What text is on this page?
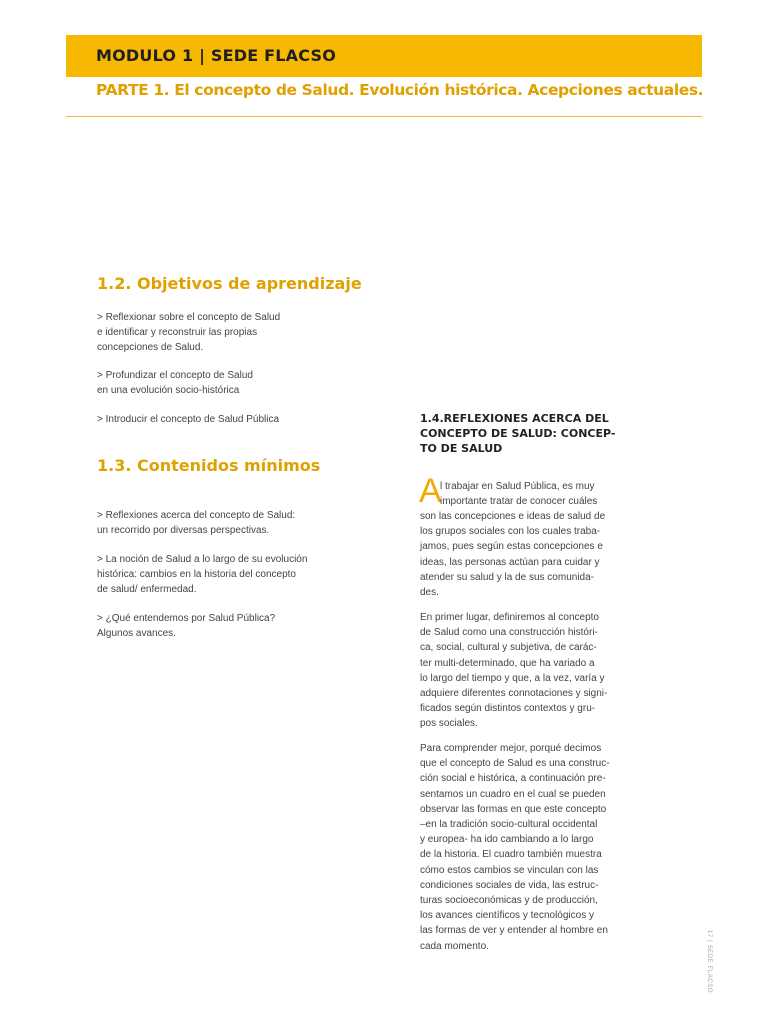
MODULO 1 | SEDE FLACSO
PARTE 1. El concepto de Salud. Evolución histórica. Acepciones actuales.
1.2. Objetivos de aprendizaje

> Reflexionar sobre el concepto de Salud
e identificar y reconstruir las propias
concepciones de Salud.

> Profundizar el concepto de Salud
en una evolución socio-histórica

> Introducir el concepto de Salud Pública

1.3. Contenidos mínimos

> Reflexiones acerca del concepto de Salud:
un recorrido por diversas perspectivas.

> La noción de Salud a lo largo de su evolución
histórica: cambios en la historia del concepto
de salud/ enfermedad.

> ¿Qué entendemos por Salud Pública?
Algunos avances.

1.4.REFLEXIONES ACERCA DEL
CONCEPTO DE SALUD: CONCEP-
TO DE SALUD
A

l trabajar en Salud Pública, es muy
importante tratar de conocer cuáles

son las concepciones e ideas de salud de
los grupos sociales con los cuales traba-
jamos, pues según estas concepciones e
ideas, las personas actúan para cuidar y
atender su salud y la de sus comunida-
des.

En primer lugar, definiremos al concepto
de Salud como una construcción históri-
ca, social, cultural y subjetiva, de carác-
ter multi-determinado, que ha variado a
lo largo del tiempo y que, a la vez, varía y
adquiere diferentes connotaciones y signi-
ficados según distintos contextos y gru-
pos sociales.

Para comprender mejor, porqué decimos
que el concepto de Salud es una construc-
ción social e histórica, a continuación pre-
sentamos un cuadro en el cual se pueden
observar las formas en que este concepto
–en la tradición socio-cultural occidental
y europea- ha ido cambiando a lo largo
de la historia. El cuadro también muestra
cómo estos cambios se vinculan con las
condiciones sociales de vida, las estruc-
turas socioeconómicas y de producción,
los avances científicos y tecnológicos y
las formas de ver y entender al hombre en
cada momento.	17 | SEDE FLACSO
